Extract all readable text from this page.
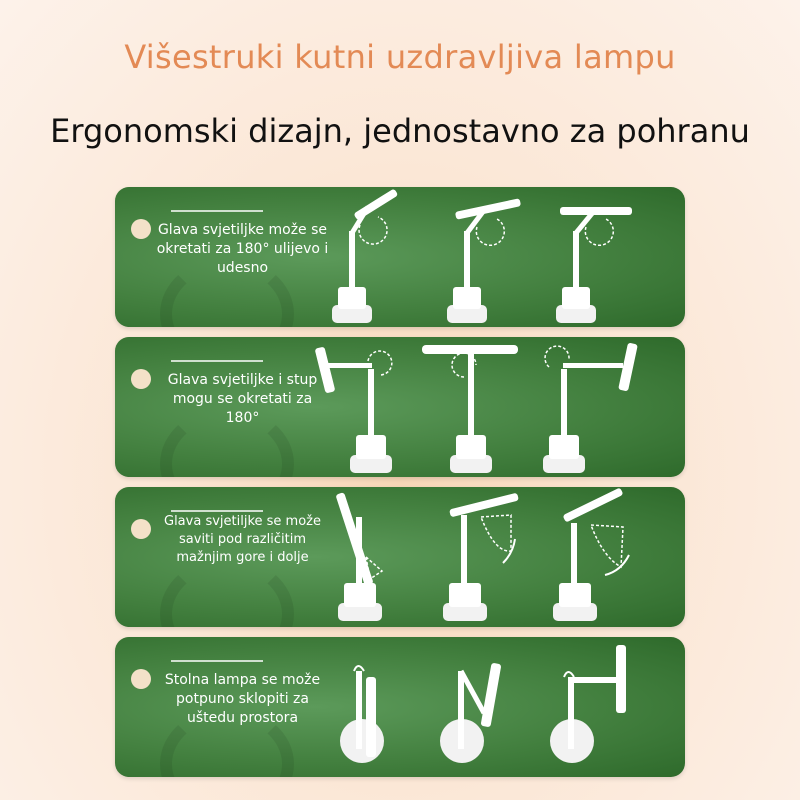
Višestruki kutni uzdravljiva lampu
Ergonomski dizajn, jednostavno za pohranu
Glava svjetiljke može se okretati za 180° ulijevo i udesno
Glava svjetiljke i stup mogu se okretati za 180°
Glava svjetiljke se može saviti pod različitim mažnjim gore i dolje
Stolna lampa se može potpuno sklopiti za uštedu prostora
